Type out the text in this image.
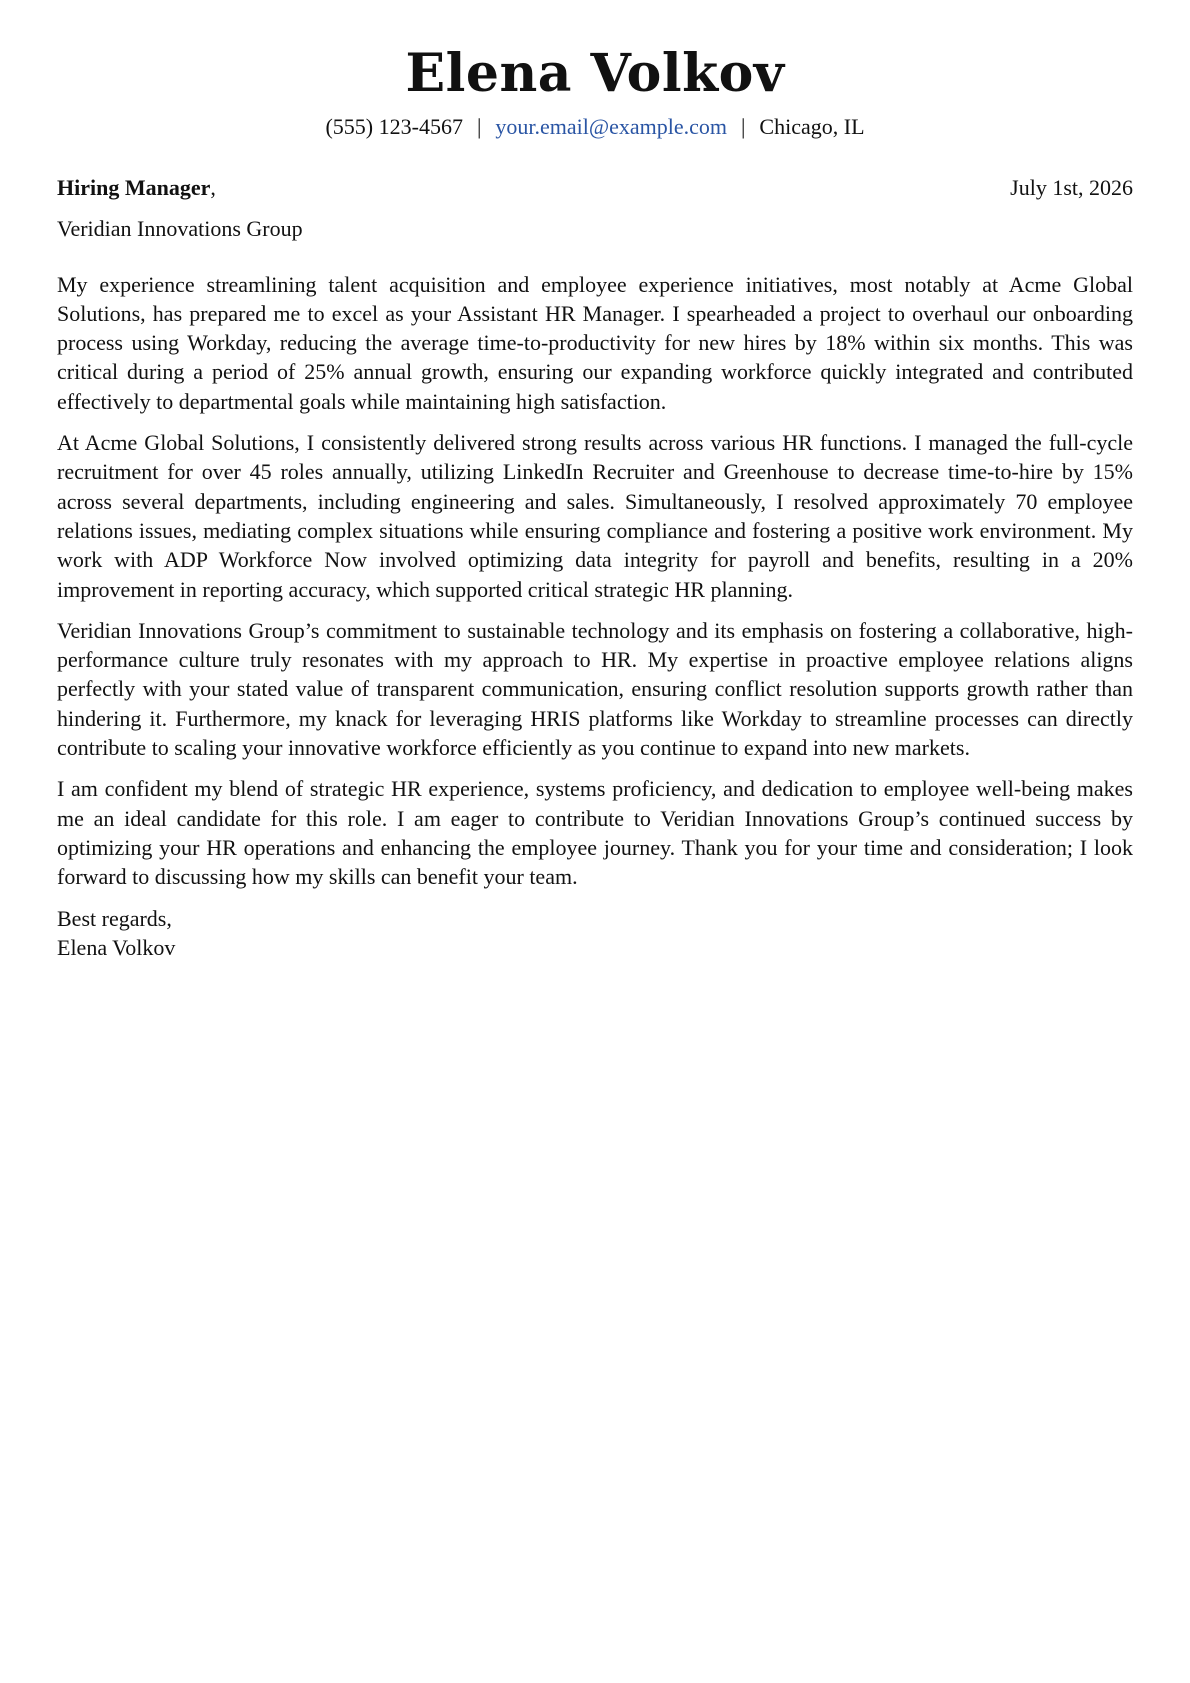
Elena Volkov
(555) 123-4567 | your.email@example.com | Chicago, IL
Hiring Manager,	July 1st, 2026
Veridian Innovations Group

My experience streamlining talent acquisition and employee experience initiatives, most notably at Acme Global Solutions, has prepared me to excel as your Assistant HR Manager. I spearheaded a project to overhaul our onboarding process using Workday, reducing the average time-to-productivity for new hires by 18% within six months. This was critical during a period of 25% annual growth, ensuring our expanding workforce quickly integrated and contributed effectively to departmental goals while maintaining high satisfaction.

At Acme Global Solutions, I consistently delivered strong results across various HR functions. I managed the full-cycle recruitment for over 45 roles annually, utilizing LinkedIn Recruiter and Greenhouse to decrease time-to-hire by 15% across several departments, including engineering and sales. Simultaneously, I resolved approximately 70 employee relations issues, mediating complex situations while ensuring compliance and fostering a positive work environment. My work with ADP Workforce Now involved optimizing data integrity for payroll and benefits, resulting in a 20% improvement in reporting accuracy, which supported critical strategic HR planning.

Veridian Innovations Group’s commitment to sustainable technology and its emphasis on fostering a collaborative, high-performance culture truly resonates with my approach to HR. My expertise in proactive employee relations aligns perfectly with your stated value of transparent communication, ensuring conflict resolution supports growth rather than hindering it. Furthermore, my knack for leveraging HRIS platforms like Workday to streamline processes can directly contribute to scaling your innovative workforce efficiently as you continue to expand into new markets.

I am confident my blend of strategic HR experience, systems proficiency, and dedication to employee well-being makes me an ideal candidate for this role. I am eager to contribute to Veridian Innovations Group’s continued success by optimizing your HR operations and enhancing the employee journey. Thank you for your time and consideration; I look forward to discussing how my skills can benefit your team.

Best regards,
Elena Volkov
